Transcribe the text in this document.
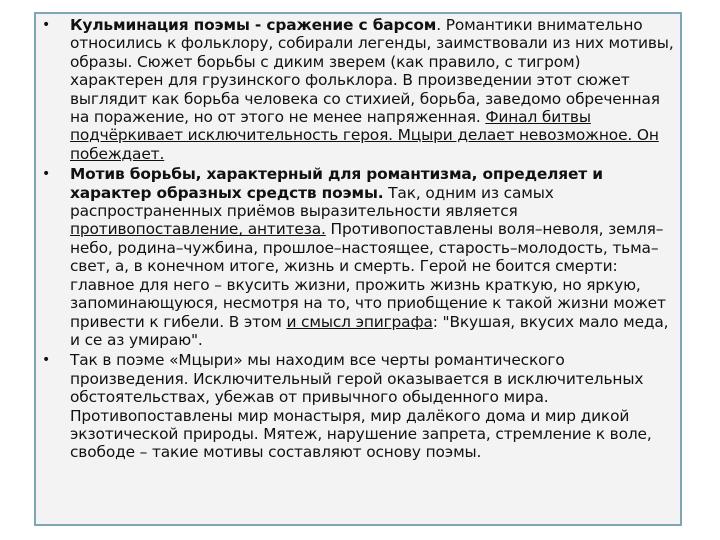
• Кульминация поэмы - сражение с барсом. Романтики внимательно относились к фольклору, собирали легенды, заимствовали из них мотивы, образы. Сюжет борьбы с диким зверем (как правило, с тигром) характерен для грузинского фольклора. В произведении этот сюжет выглядит как борьба человека со стихией, борьба, заведомо обреченная на поражение, но от этого не менее напряженная. Финал битвы подчёркивает исключительность героя. Мцыри делает невозможное. Он побеждает.
• Мотив борьбы, характерный для романтизма, определяет и характер образных средств поэмы. Так, одним из самых распространенных приёмов выразительности является противопоставление, антитеза. Противопоставлены воля–неволя, земля–небо, родина–чужбина, прошлое–настоящее, старость–молодость, тьма–свет, а, в конечном итоге, жизнь и смерть. Герой не боится смерти: главное для него – вкусить жизни, прожить жизнь краткую, но яркую, запоминающуюся, несмотря на то, что приобщение к такой жизни может привести к гибели. В этом и смысл эпиграфа: "Вкушая, вкусих мало меда, и се аз умираю".
• Так в поэме «Мцыри» мы находим все черты романтического произведения. Исключительный герой оказывается в исключительных обстоятельствах, убежав от привычного обыденного мира. Противопоставлены мир монастыря, мир далёкого дома и мир дикой экзотической природы. Мятеж, нарушение запрета, стремление к воле, свободе – такие мотивы составляют основу поэмы.
